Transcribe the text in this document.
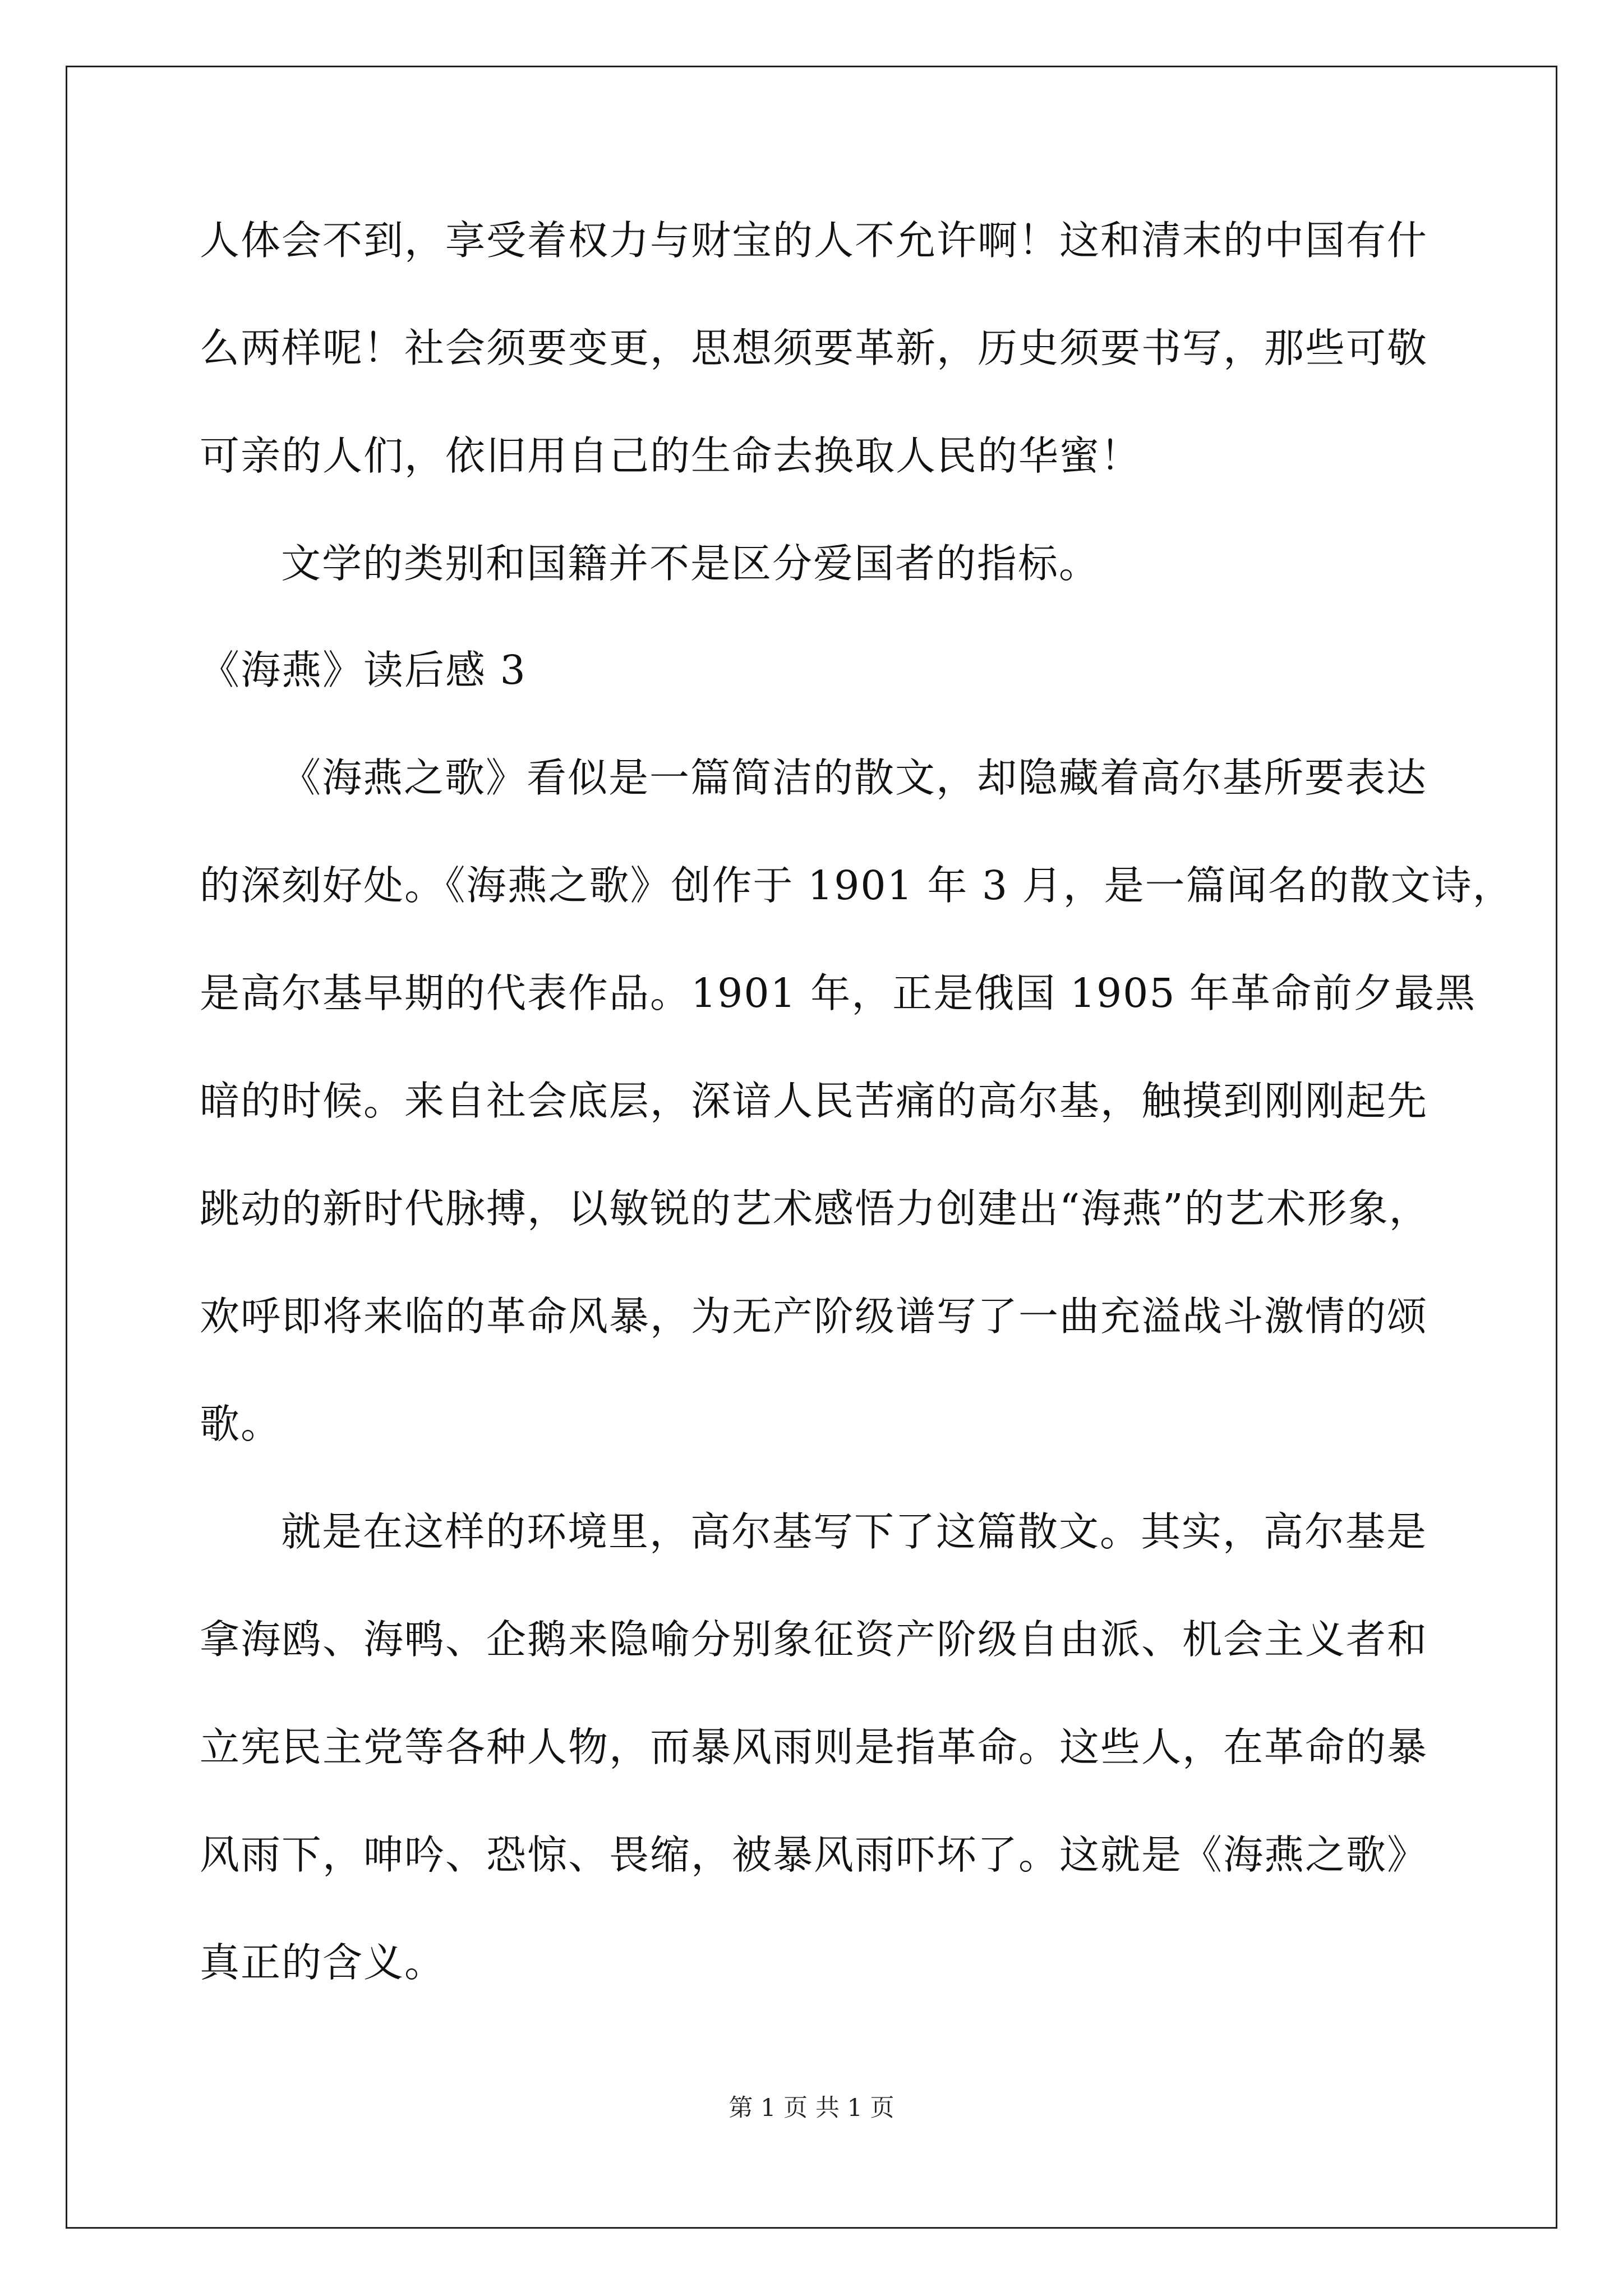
人体会不到，享受着权力与财宝的人不允许啊！这和清末的中国有什
么两样呢！社会须要变更，思想须要革新，历史须要书写，那些可敬
可亲的人们，依旧用自己的生命去换取人民的华蜜！
文学的类别和国籍并不是区分爱国者的指标。
《海燕》读后感 3
《海燕之歌》看似是一篇简洁的散文，却隐藏着高尔基所要表达
的深刻好处。《海燕之歌》创作于 1901 年 3 月，是一篇闻名的散文诗，
是高尔基早期的代表作品。1901 年，正是俄国 1905 年革命前夕最黑
暗的时候。来自社会底层，深谙人民苦痛的高尔基，触摸到刚刚起先
跳动的新时代脉搏，以敏锐的艺术感悟力创建出“海燕”的艺术形象，
欢呼即将来临的革命风暴，为无产阶级谱写了一曲充溢战斗激情的颂
歌。
就是在这样的环境里，高尔基写下了这篇散文。其实，高尔基是
拿海鸥、海鸭、企鹅来隐喻分别象征资产阶级自由派、机会主义者和
立宪民主党等各种人物，而暴风雨则是指革命。这些人，在革命的暴
风雨下，呻吟、恐惊、畏缩，被暴风雨吓坏了。这就是《海燕之歌》
真正的含义。
第 1 页 共 1 页
